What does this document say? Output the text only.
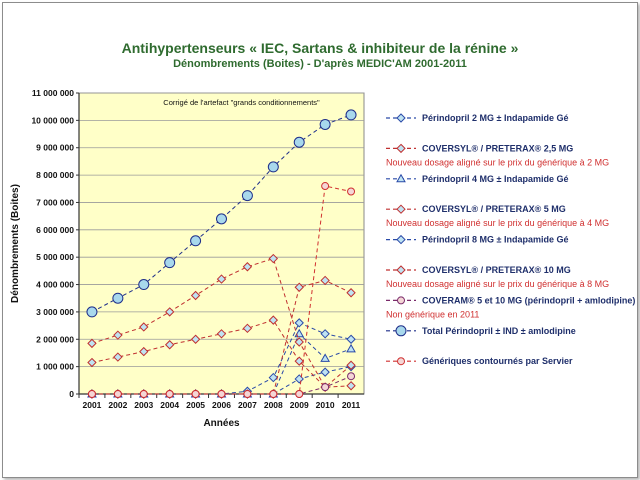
Antihypertenseurs « IEC, Sartans & inhibiteur de la rénine »
Dénombrements (Boites) - D'après MEDIC'AM 2001-2011
0
1 000 000
2 000 000
3 000 000
4 000 000
5 000 000
6 000 000
7 000 000
8 000 000
9 000 000
10 000 000
11 000 000
2001 2002 2003 2004 2005 2006 2007 2008 2009 2010 2011
Années
Dénombrements (Boites)
Corrigé de l'artefact "grands conditionnements"
Périndopril 2 MG ± Indapamide Gé
COVERSYL® / PRETERAX® 2,5 MG
Nouveau dosage aligné sur le prix du générique à 2 MG
Périndopril 4 MG ± Indapamide Gé
COVERSYL® / PRETERAX® 5 MG
Nouveau dosage aligné sur le prix du générique à 4 MG
Périndopril 8 MG ± Indapamide Gé
COVERSYL® / PRETERAX® 10 MG
Nouveau dosage aligné sur le prix du générique à 8 MG
COVERAM® 5 et 10 MG (périndopril + amlodipine)
Non générique en 2011
Total Périndopril ± IND ± amlodipine
Génériques contournés par Servier
